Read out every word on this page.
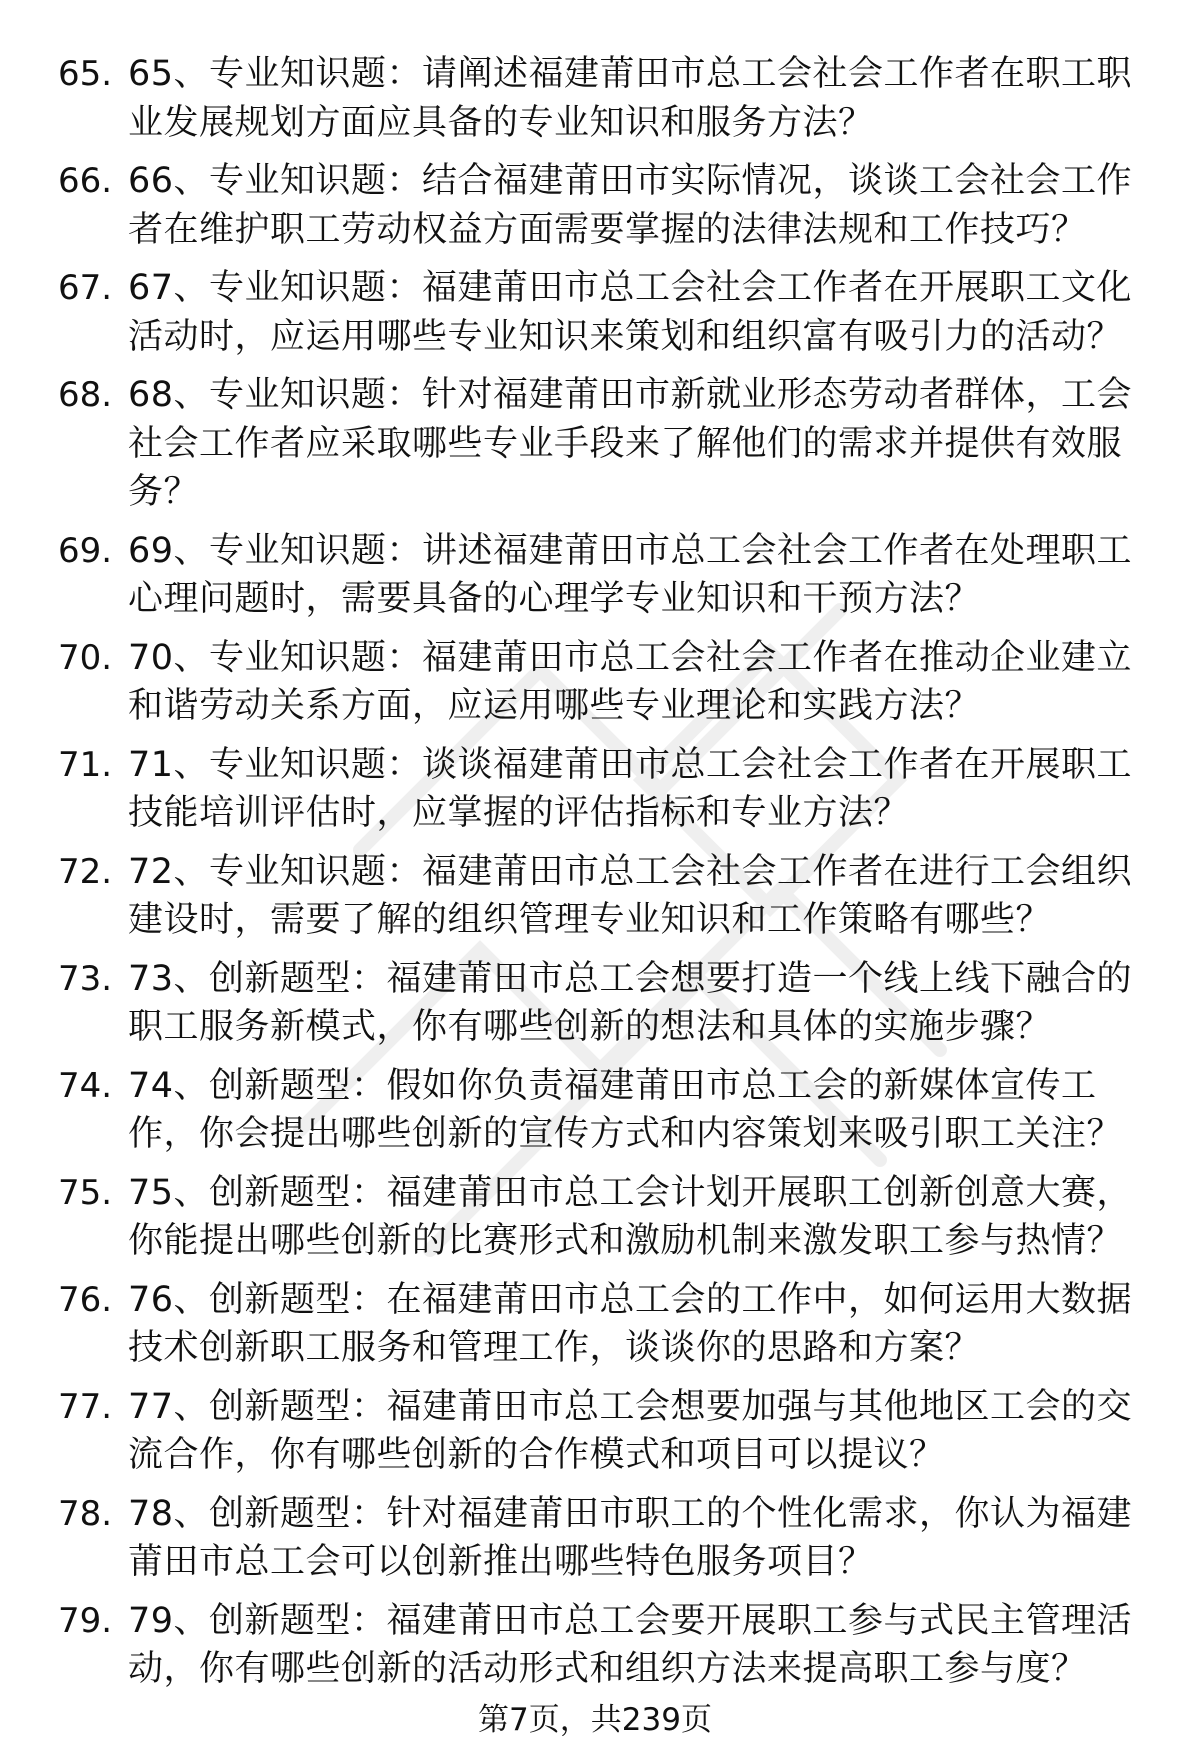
65. 65、专业知识题：请阐述福建莆田市总工会社会工作者在职工职业发展规划方面应具备的专业知识和服务方法？
66. 66、专业知识题：结合福建莆田市实际情况，谈谈工会社会工作者在维护职工劳动权益方面需要掌握的法律法规和工作技巧？
67. 67、专业知识题：福建莆田市总工会社会工作者在开展职工文化活动时，应运用哪些专业知识来策划和组织富有吸引力的活动？
68. 68、专业知识题：针对福建莆田市新就业形态劳动者群体，工会社会工作者应采取哪些专业手段来了解他们的需求并提供有效服务？
69. 69、专业知识题：讲述福建莆田市总工会社会工作者在处理职工心理问题时，需要具备的心理学专业知识和干预方法？
70. 70、专业知识题：福建莆田市总工会社会工作者在推动企业建立和谐劳动关系方面，应运用哪些专业理论和实践方法？
71. 71、专业知识题：谈谈福建莆田市总工会社会工作者在开展职工技能培训评估时，应掌握的评估指标和专业方法？
72. 72、专业知识题：福建莆田市总工会社会工作者在进行工会组织建设时，需要了解的组织管理专业知识和工作策略有哪些？
73. 73、创新题型：福建莆田市总工会想要打造一个线上线下融合的职工服务新模式，你有哪些创新的想法和具体的实施步骤？
74. 74、创新题型：假如你负责福建莆田市总工会的新媒体宣传工作，你会提出哪些创新的宣传方式和内容策划来吸引职工关注？
75. 75、创新题型：福建莆田市总工会计划开展职工创新创意大赛，你能提出哪些创新的比赛形式和激励机制来激发职工参与热情？
76. 76、创新题型：在福建莆田市总工会的工作中，如何运用大数据技术创新职工服务和管理工作，谈谈你的思路和方案？
77. 77、创新题型：福建莆田市总工会想要加强与其他地区工会的交流合作，你有哪些创新的合作模式和项目可以提议？
78. 78、创新题型：针对福建莆田市职工的个性化需求，你认为福建莆田市总工会可以创新推出哪些特色服务项目？
79. 79、创新题型：福建莆田市总工会要开展职工参与式民主管理活动，你有哪些创新的活动形式和组织方法来提高职工参与度？
第7页，共239页
